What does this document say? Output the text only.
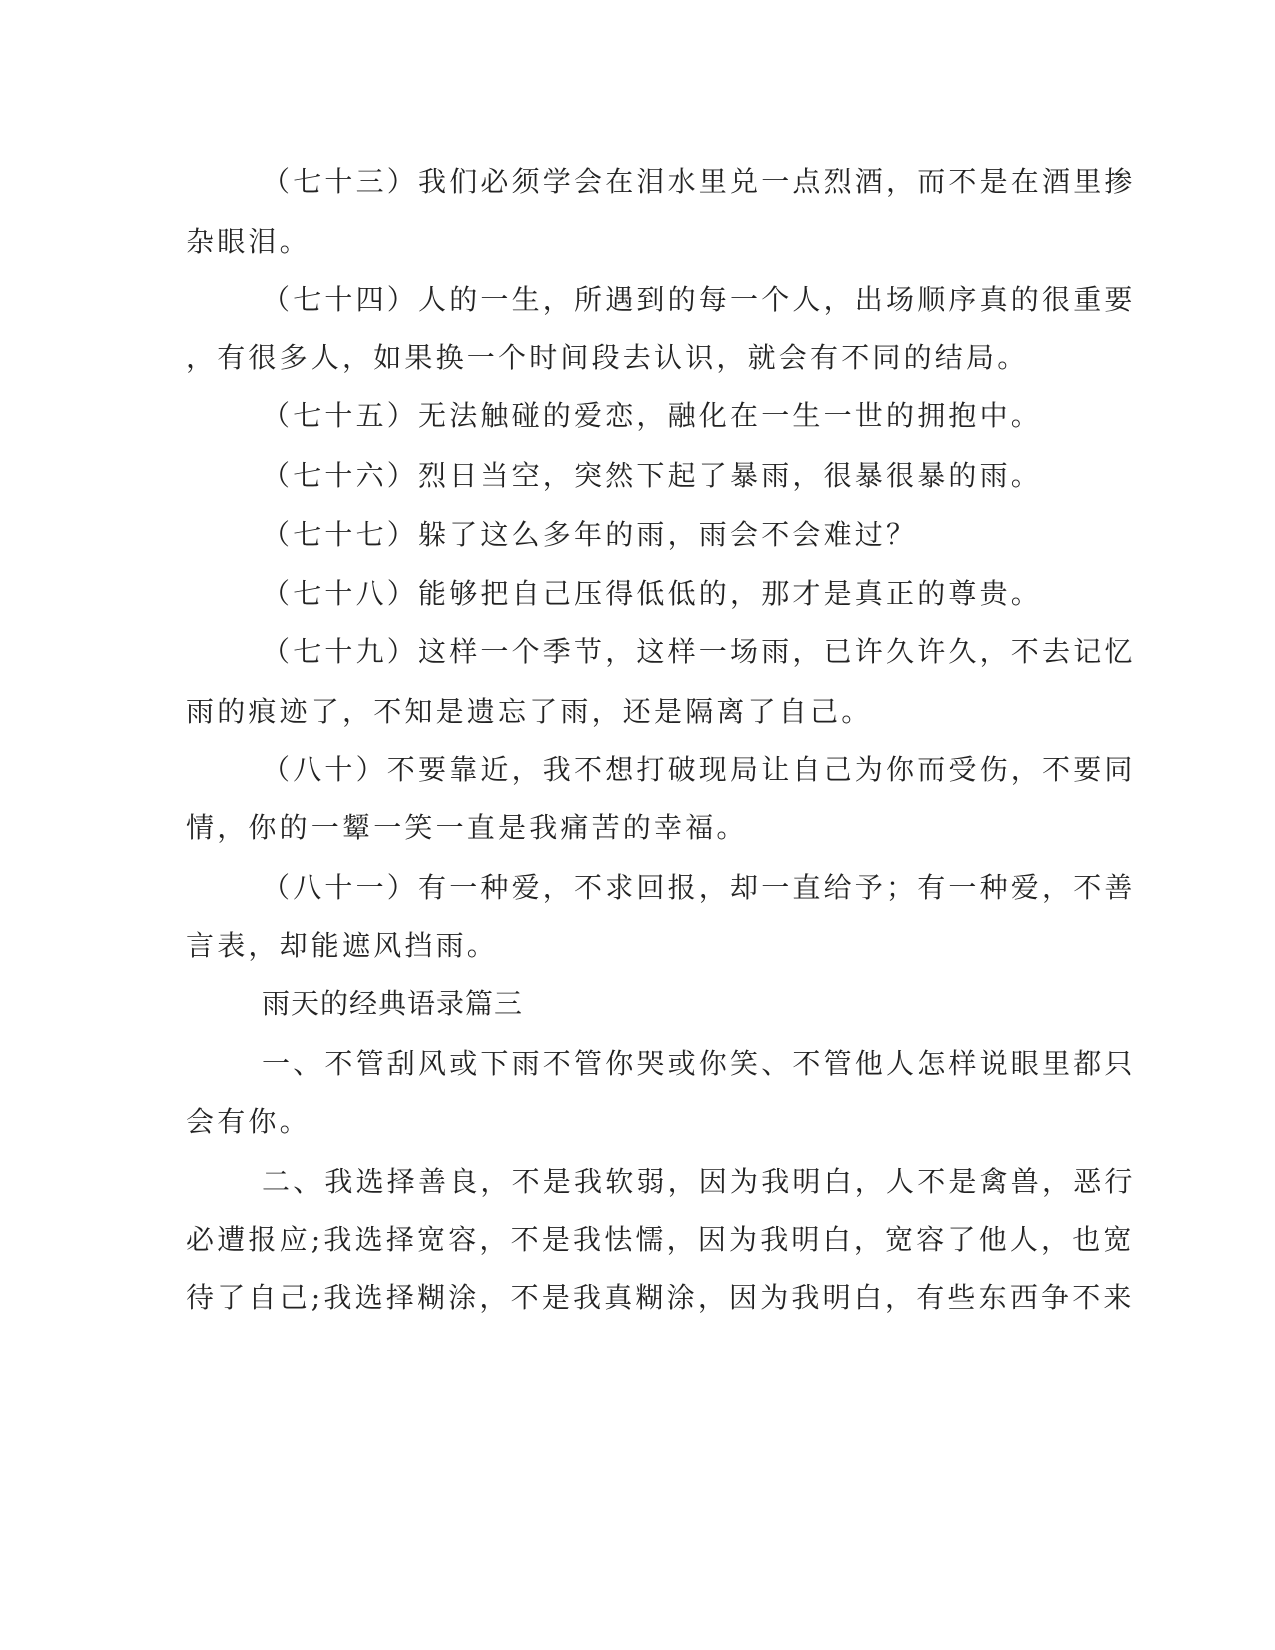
（七十三）我们必须学会在泪水里兑一点烈酒，而不是在酒里掺
杂眼泪。
（七十四）人的一生，所遇到的每一个人，出场顺序真的很重要
，有很多人，如果换一个时间段去认识，就会有不同的结局。
（七十五）无法触碰的爱恋，融化在一生一世的拥抱中。
（七十六）烈日当空，突然下起了暴雨，很暴很暴的雨。
（七十七）躲了这么多年的雨，雨会不会难过？
（七十八）能够把自己压得低低的，那才是真正的尊贵。
（七十九）这样一个季节，这样一场雨，已许久许久，不去记忆
雨的痕迹了，不知是遗忘了雨，还是隔离了自己。
（八十）不要靠近，我不想打破现局让自己为你而受伤，不要同
情，你的一颦一笑一直是我痛苦的幸福。
（八十一）有一种爱，不求回报，却一直给予；有一种爱，不善
言表，却能遮风挡雨。
雨天的经典语录篇三
一、不管刮风或下雨不管你哭或你笑、不管他人怎样说眼里都只
会有你。
二、我选择善良，不是我软弱，因为我明白，人不是禽兽，恶行
必遭报应;我选择宽容，不是我怯懦，因为我明白，宽容了他人，也宽
待了自己;我选择糊涂，不是我真糊涂，因为我明白，有些东西争不来
